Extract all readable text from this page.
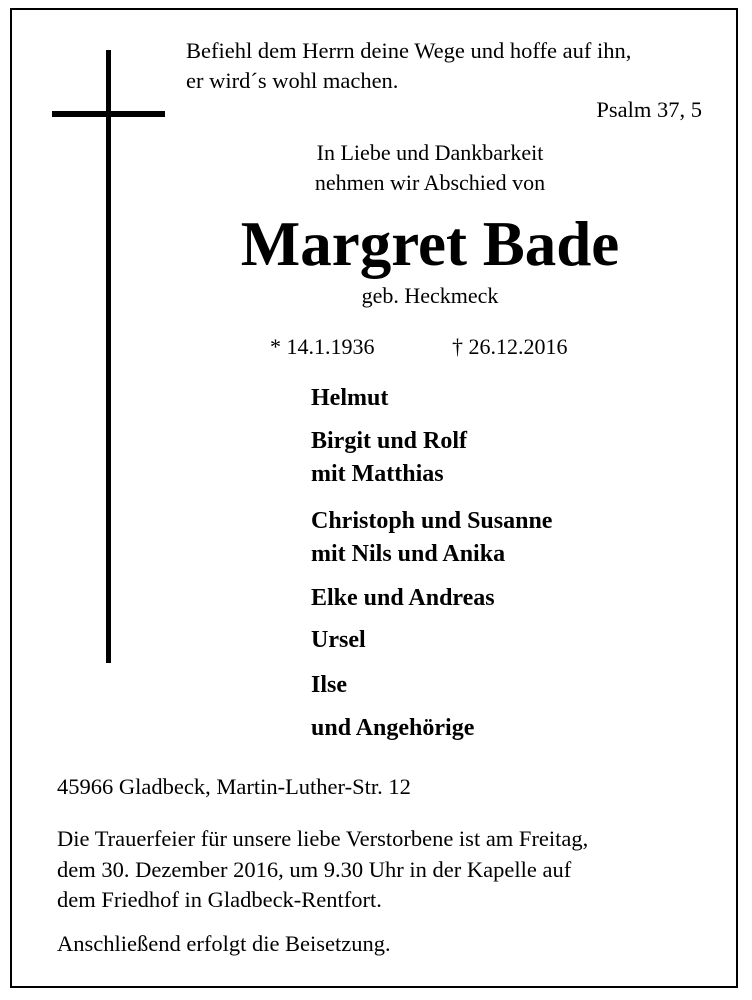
Befiehl dem Herrn deine Wege und hoffe auf ihn,
er wird´s wohl machen.

Psalm 37, 5

In Liebe und Dankbarkeit
nehmen wir Abschied von

Margret Bade

geb. Heckmeck

* 14.1.1936	† 26.12.2016

Helmut

Birgit und Rolf
mit Matthias

Christoph und Susanne
mit Nils und Anika

Elke und Andreas

Ursel

Ilse

und Angehörige

45966 Gladbeck, Martin-Luther-Str. 12

Die Trauerfeier für unsere liebe Verstorbene ist am Freitag,
dem 30. Dezember 2016, um 9.30 Uhr in der Kapelle auf
dem Friedhof in Gladbeck-Rentfort.

Anschließend erfolgt die Beisetzung.
